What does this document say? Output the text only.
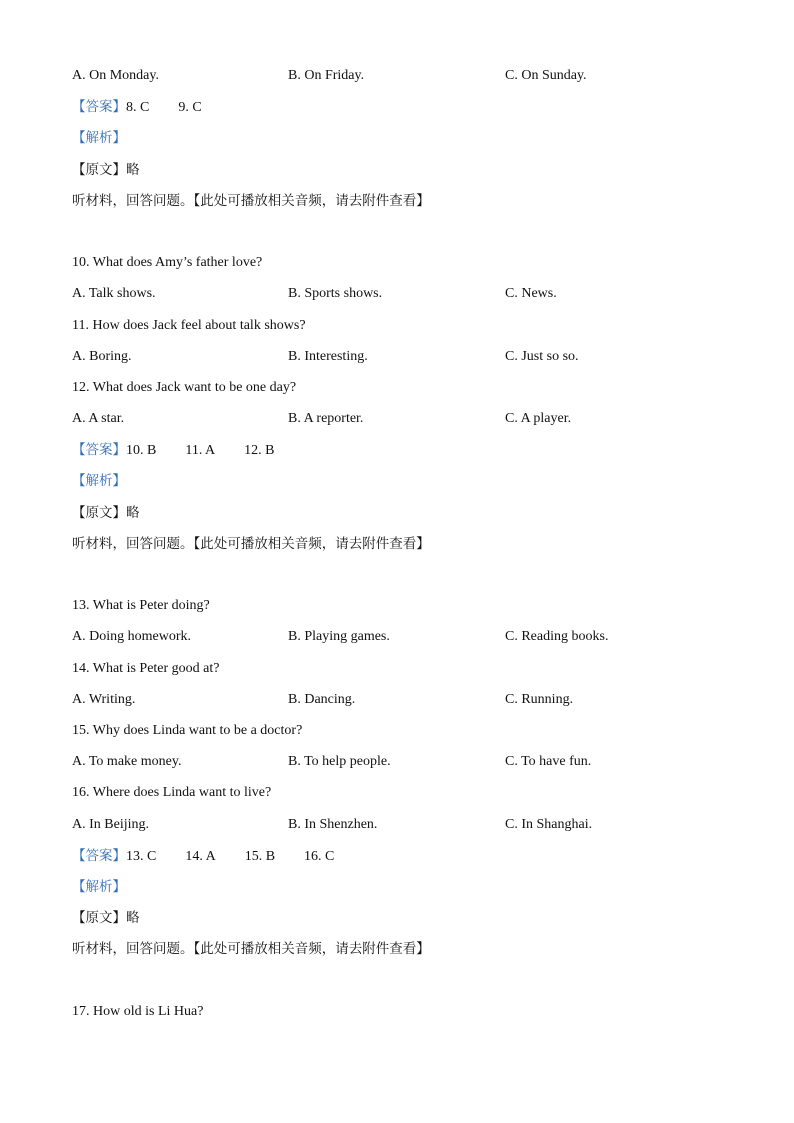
A. On Monday.	B. On Friday.	C. On Sunday.
【答案】8. C 9. C
【解析】
【原文】略
听材料，回答问题。【此处可播放相关音频，请去附件查看】
10. What does Amy’s father love?
A. Talk shows.	B. Sports shows.	C. News.
11. How does Jack feel about talk shows?
A. Boring.	B. Interesting.	C. Just so so.
12. What does Jack want to be one day?
A. A star.	B. A reporter.	C. A player.
【答案】10. B 11. A 12. B
【解析】
【原文】略
听材料，回答问题。【此处可播放相关音频，请去附件查看】
13. What is Peter doing?
A. Doing homework.	B. Playing games.	C. Reading books.
14. What is Peter good at?
A. Writing.	B. Dancing.	C. Running.
15. Why does Linda want to be a doctor?
A. To make money.	B. To help people.	C. To have fun.
16. Where does Linda want to live?
A. In Beijing.	B. In Shenzhen.	C. In Shanghai.
【答案】13. C 14. A 15. B 16. C
【解析】
【原文】略
听材料，回答问题。【此处可播放相关音频，请去附件查看】
17. How old is Li Hua?
